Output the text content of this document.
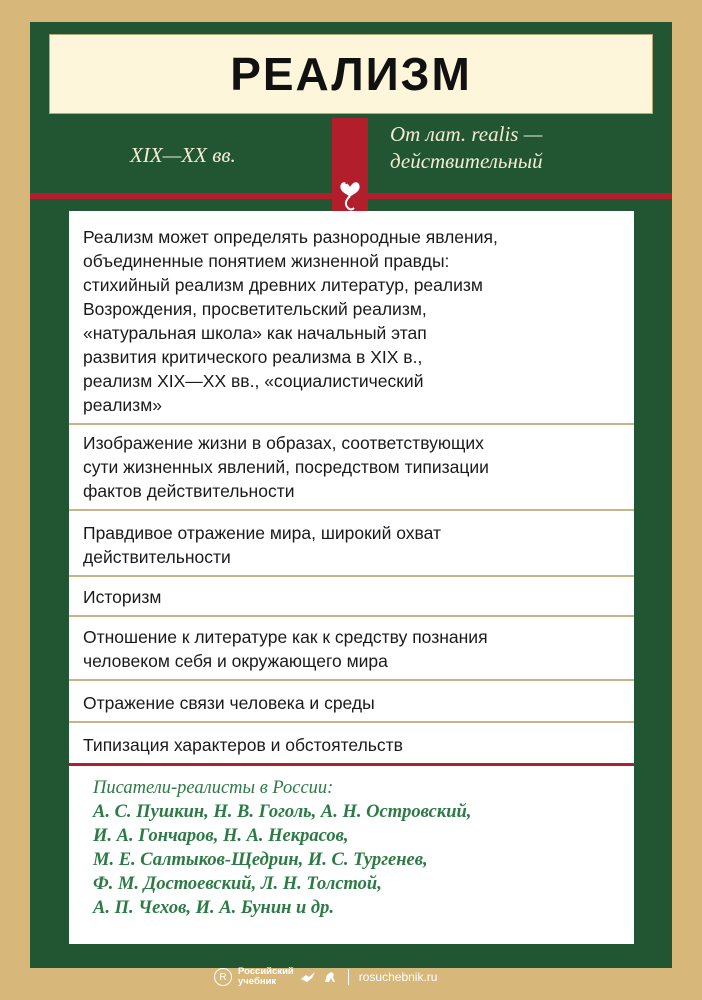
РЕАЛИЗМ
XIX—XX вв.
От лат. realis —
действительный
Реализм может определять разнородные явления,
объединенные понятием жизненной правды:
стихийный реализм древних литератур, реализм
Возрождения, просветительский реализм,
«натуральная школа» как начальный этап
развития критического реализма в XIX в.,
реализм XIX—XX вв., «социалистический
реализм»
Изображение жизни в образах, соответствующих
сути жизненных явлений, посредством типизации
фактов действительности
Правдивое отражение мира, широкий охват
действительности
Историзм
Отношение к литературе как к средству познания
человеком себя и окружающего мира
Отражение связи человека и среды
Типизация характеров и обстоятельств
Писатели-реалисты в России:
А. С. Пушкин, Н. В. Гоголь, А. Н. Островский,
И. А. Гончаров, Н. А. Некрасов,
М. Е. Салтыков-Щедрин, И. С. Тургенев,
Ф. М. Достоевский, Л. Н. Толстой,
А. П. Чехов, И. А. Бунин и др.
R	Российский
учебник	rosuchebnik.ru
